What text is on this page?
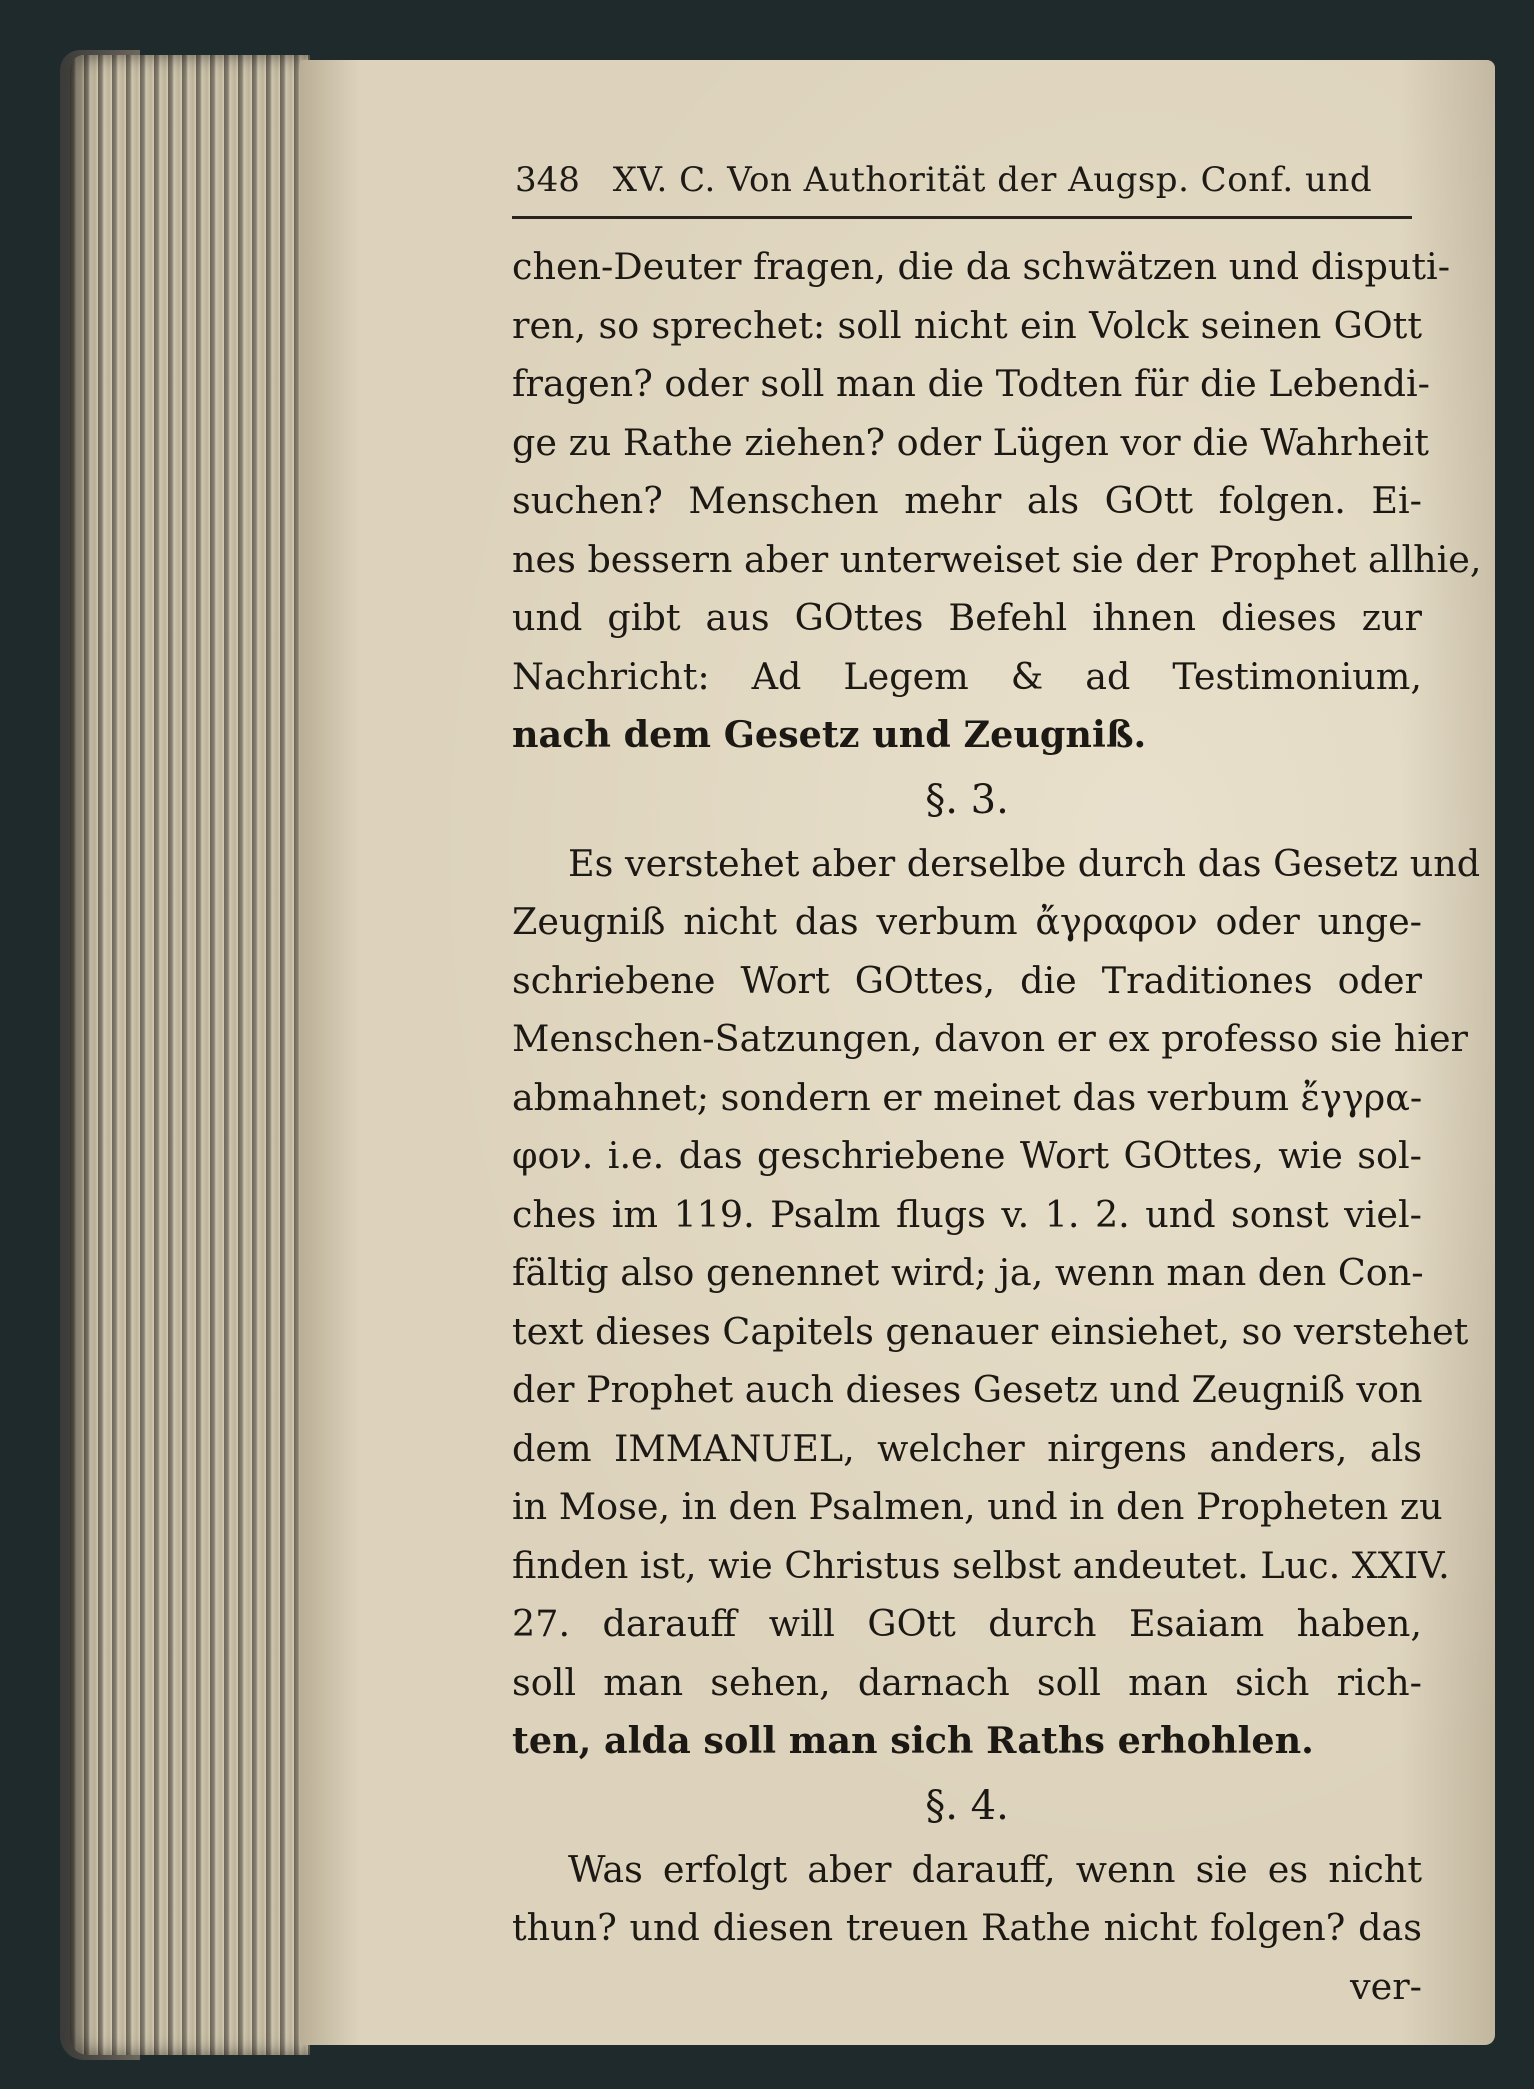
348 XV. C. Von Authorität der Augsp. Conf. und
chen-Deuter fragen, die da schwätzen und disputi-
ren, so sprechet: soll nicht ein Volck seinen GOtt
fragen? oder soll man die Todten für die Lebendi-
ge zu Rathe ziehen? oder Lügen vor die Wahrheit
suchen? Menschen mehr als GOtt folgen. Ei-
nes bessern aber unterweiset sie der Prophet allhie,
und gibt aus GOttes Befehl ihnen dieses zur
Nachricht: Ad Legem & ad Testimonium,
nach dem Gesetz und Zeugniß.
§. 3.
Es verstehet aber derselbe durch das Gesetz und
Zeugniß nicht das verbum ἄγραφον oder unge-
schriebene Wort GOttes, die Traditiones oder
Menschen-Satzungen, davon er ex professo sie hier
abmahnet; sondern er meinet das verbum ἔγγρα-
φον. i.e. das geschriebene Wort GOttes, wie sol-
ches im 119. Psalm flugs v. 1. 2. und sonst viel-
fältig also genennet wird; ja, wenn man den Con-
text dieses Capitels genauer einsiehet, so verstehet
der Prophet auch dieses Gesetz und Zeugniß von
dem IMMANUEL, welcher nirgens anders, als
in Mose, in den Psalmen, und in den Propheten zu
finden ist, wie Christus selbst andeutet. Luc. XXIV.
27. darauff will GOtt durch Esaiam haben,
soll man sehen, darnach soll man sich rich-
ten, alda soll man sich Raths erhohlen.
§. 4.
Was erfolgt aber darauff, wenn sie es nicht
thun? und diesen treuen Rathe nicht folgen? das
ver-
